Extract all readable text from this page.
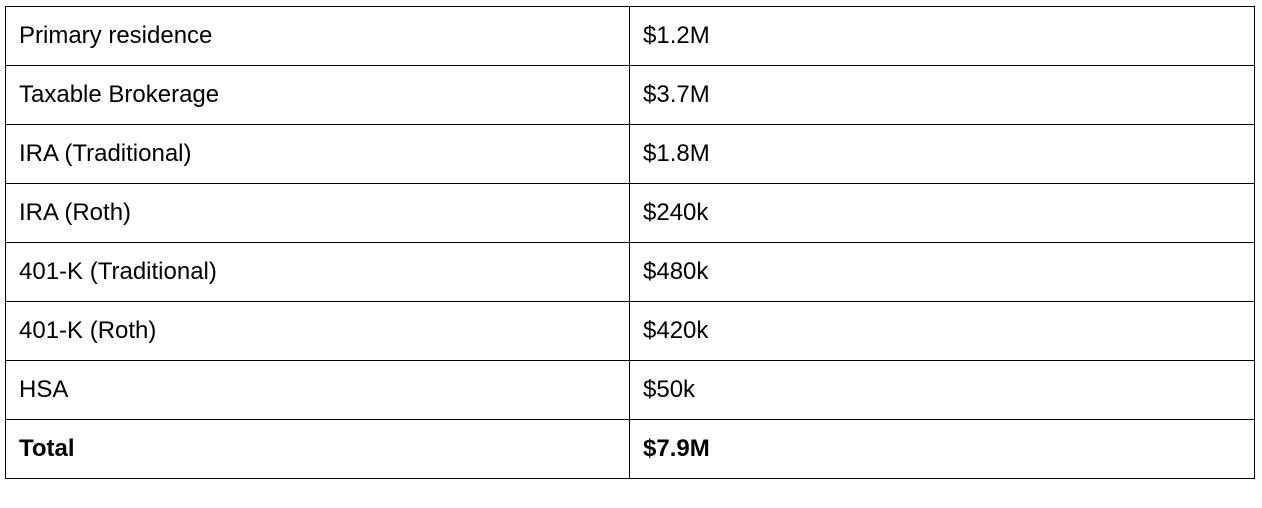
Primary residence	$1.2M
Taxable Brokerage	$3.7M
IRA (Traditional)	$1.8M
IRA (Roth)	$240k
401-K (Traditional)	$480k
401-K (Roth)	$420k
HSA	$50k
Total	$7.9M
